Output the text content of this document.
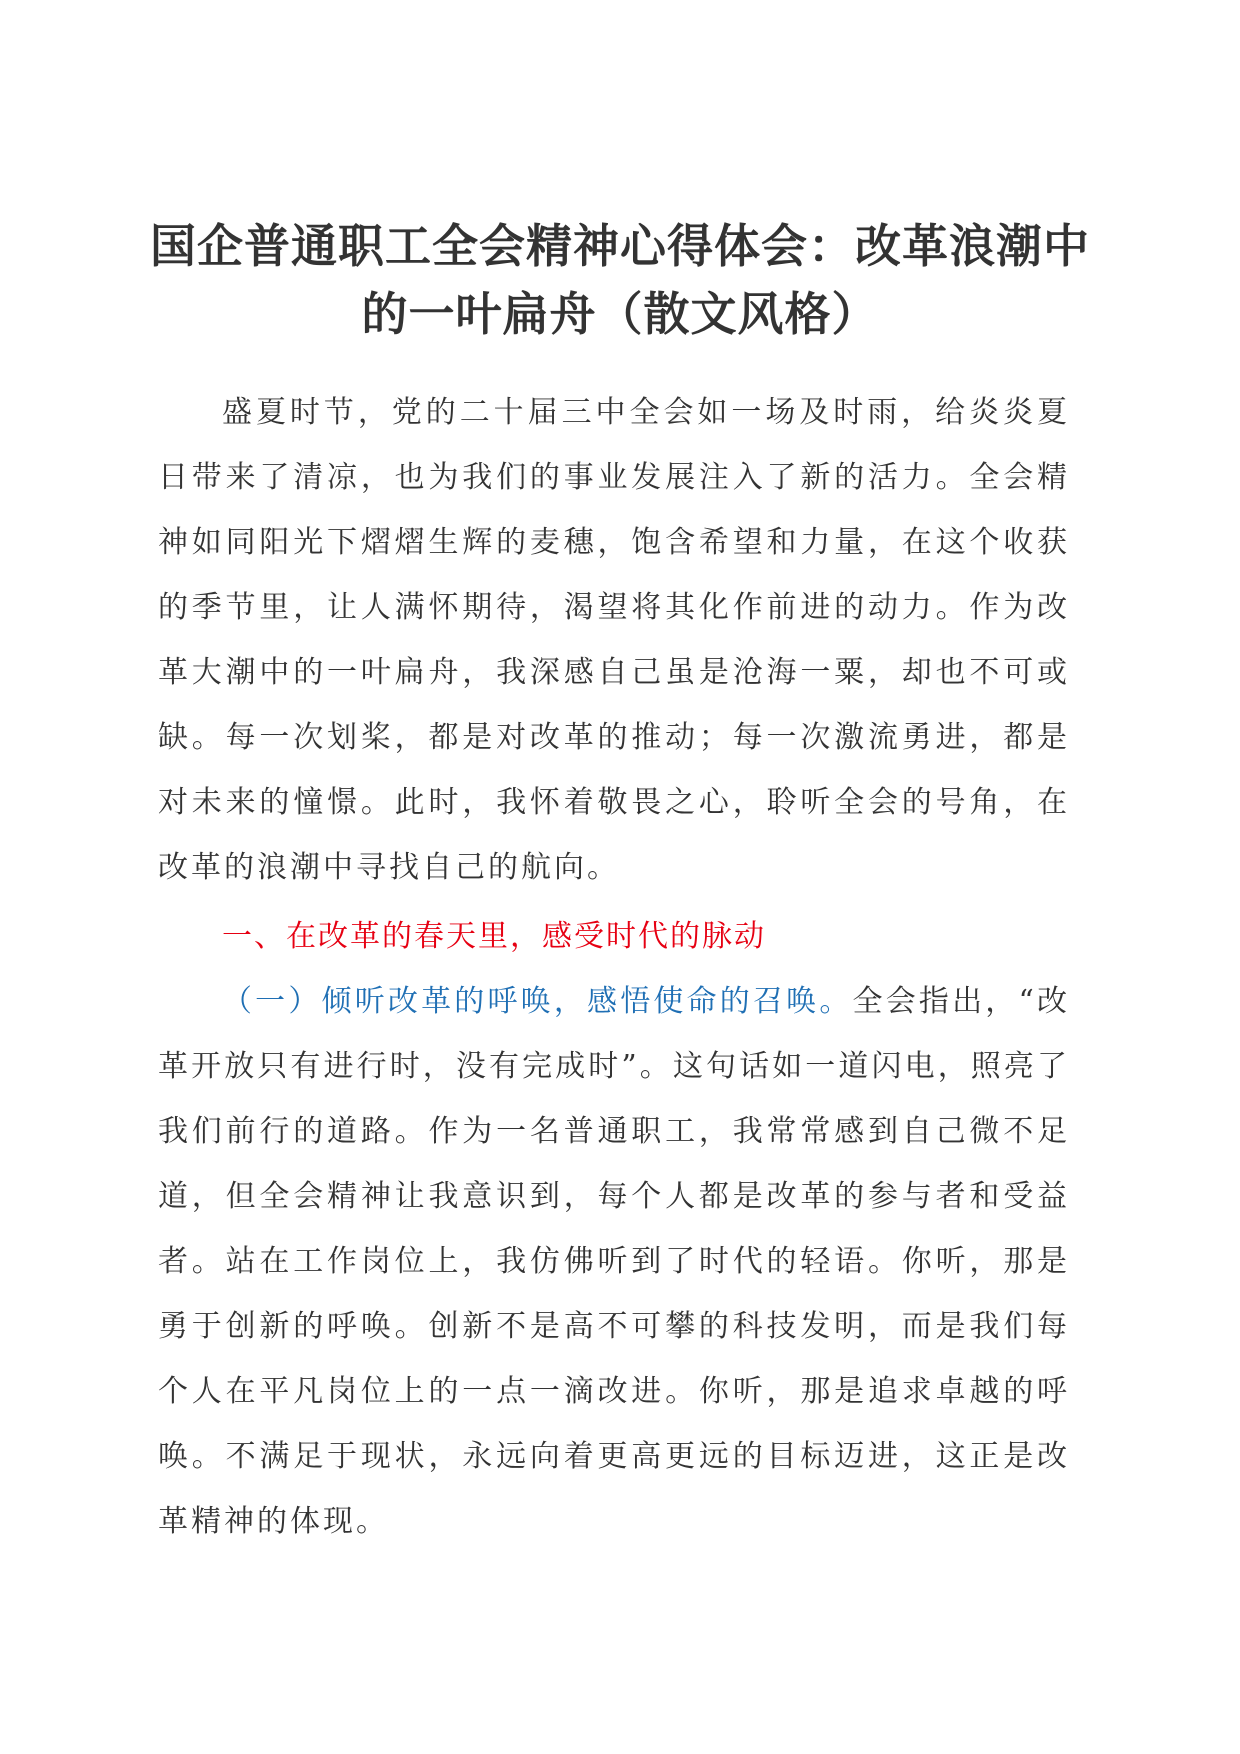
国企普通职工全会精神心得体会：改革浪潮中
的一叶扁舟（散文风格）
盛夏时节，党的二十届三中全会如一场及时雨，给炎炎夏日带来了清凉，也为我们的事业发展注入了新的活力。全会精神如同阳光下熠熠生辉的麦穗，饱含希望和力量，在这个收获的季节里，让人满怀期待，渴望将其化作前进的动力。作为改革大潮中的一叶扁舟，我深感自己虽是沧海一粟，却也不可或缺。每一次划桨，都是对改革的推动；每一次激流勇进，都是对未来的憧憬。此时，我怀着敬畏之心，聆听全会的号角，在改革的浪潮中寻找自己的航向。
一、在改革的春天里，感受时代的脉动
（一）倾听改革的呼唤，感悟使命的召唤。全会指出，“改革开放只有进行时，没有完成时”。这句话如一道闪电，照亮了我们前行的道路。作为一名普通职工，我常常感到自己微不足道，但全会精神让我意识到，每个人都是改革的参与者和受益者。站在工作岗位上，我仿佛听到了时代的轻语。你听，那是勇于创新的呼唤。创新不是高不可攀的科技发明，而是我们每个人在平凡岗位上的一点一滴改进。你听，那是追求卓越的呼唤。不满足于现状，永远向着更高更远的目标迈进，这正是改革精神的体现。
